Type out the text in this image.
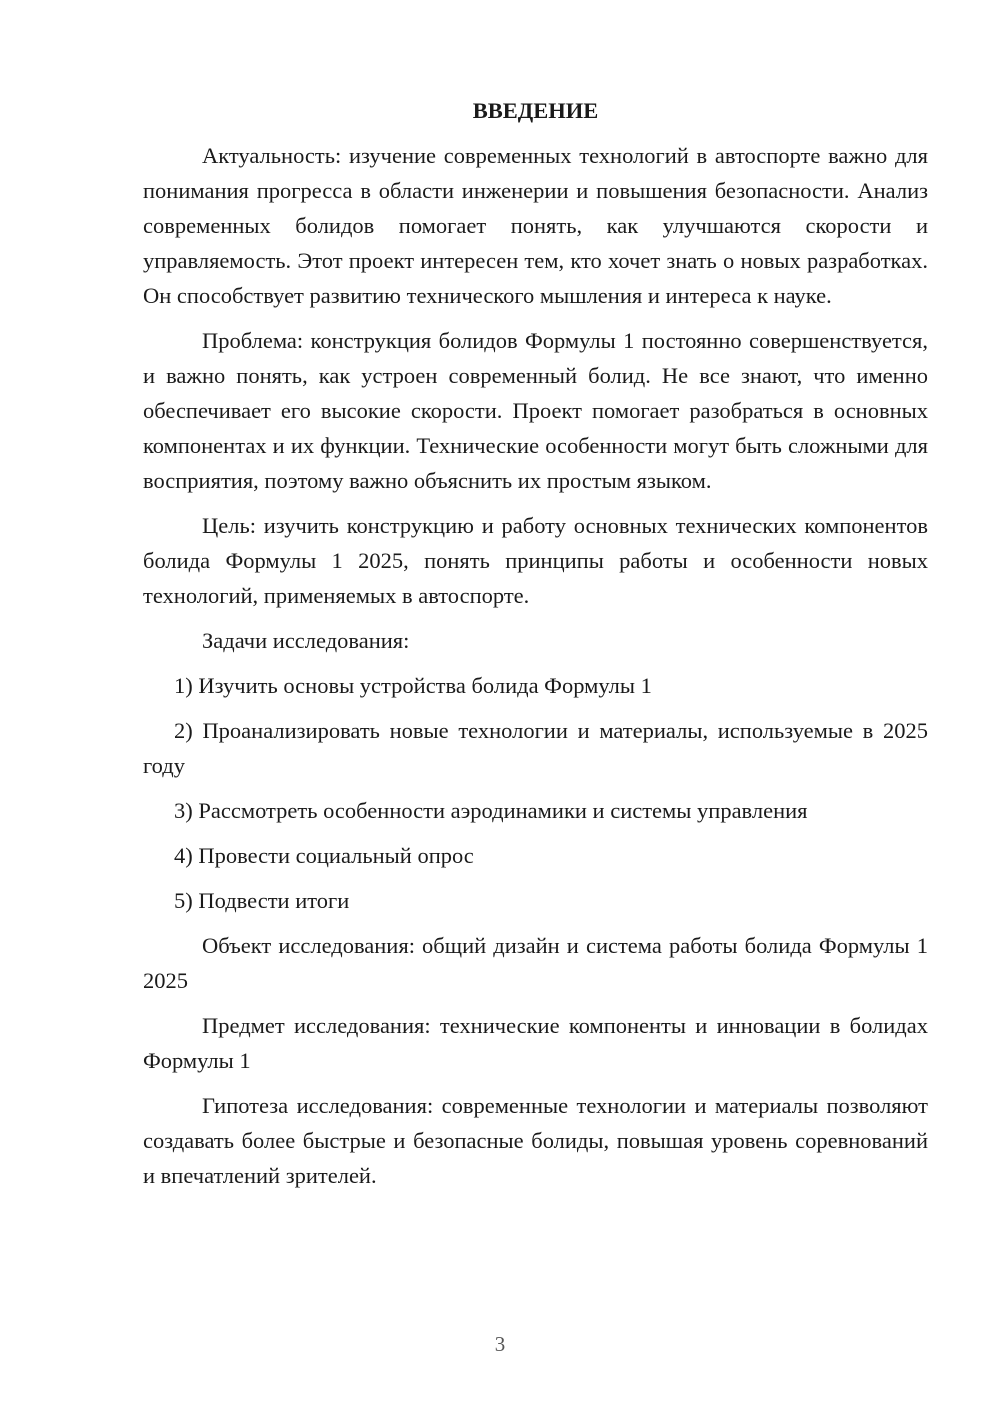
ВВЕДЕНИЕ

Актуальность: изучение современных технологий в автоспорте важно для понимания прогресса в области инженерии и повышения безопасности. Анализ современных болидов помогает понять, как улучшаются скорости и управляемость. Этот проект интересен тем, кто хочет знать о новых разработках. Он способствует развитию технического мышления и интереса к науке.

Проблема: конструкция болидов Формулы 1 постоянно совершенствуется, и важно понять, как устроен современный болид. Не все знают, что именно обеспечивает его высокие скорости. Проект помогает разобраться в основных компонентах и их функции. Технические особенности могут быть сложными для восприятия, поэтому важно объяснить их простым языком.

Цель: изучить конструкцию и работу основных технических компонентов болида Формулы 1 2025, понять принципы работы и особенности новых технологий, применяемых в автоспорте.

Задачи исследования:

1) Изучить основы устройства болида Формулы 1

2) Проанализировать новые технологии и материалы, используемые в 2025 году

3) Рассмотреть особенности аэродинамики и системы управления

4) Провести социальный опрос

5) Подвести итоги

Объект исследования: общий дизайн и система работы болида Формулы 1 2025

Предмет исследования: технические компоненты и инновации в болидах Формулы 1

Гипотеза исследования: современные технологии и материалы позволяют создавать более быстрые и безопасные болиды, повышая уровень соревнований и впечатлений зрителей.

3
